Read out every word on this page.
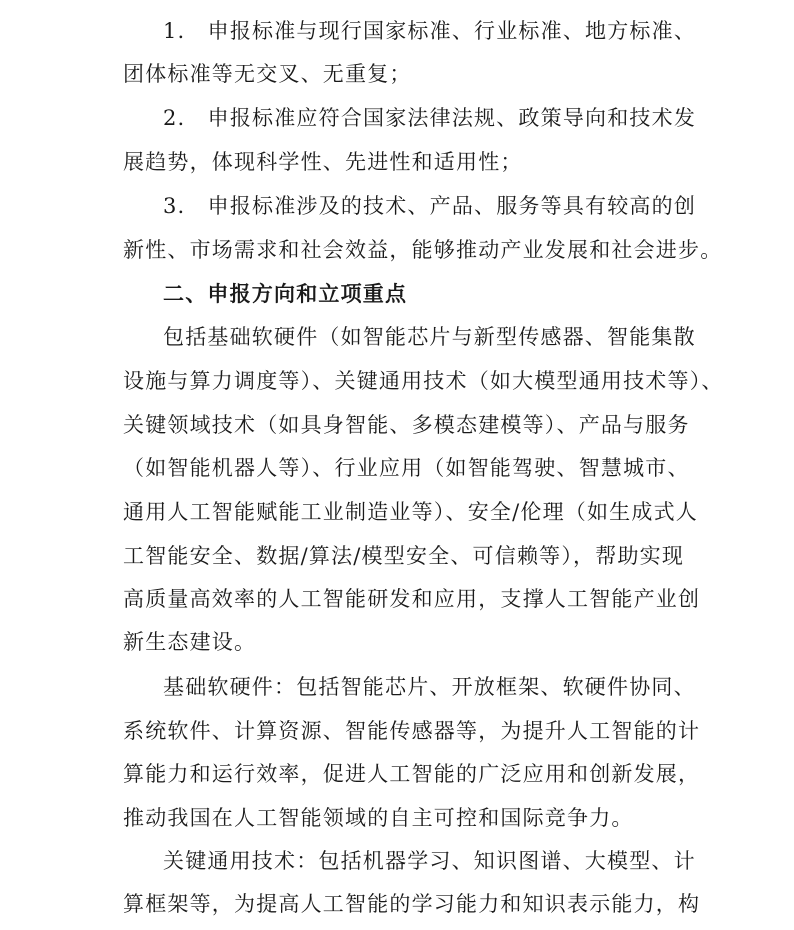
1.　申报标准与现行国家标准、行业标准、地方标准、

团体标准等无交叉、无重复；

2.　申报标准应符合国家法律法规、政策导向和技术发

展趋势，体现科学性、先进性和适用性；

3.　申报标准涉及的技术、产品、服务等具有较高的创

新性、市场需求和社会效益，能够推动产业发展和社会进步。

二、申报方向和立项重点

包括基础软硬件（如智能芯片与新型传感器、智能集散

设施与算力调度等）、关键通用技术（如大模型通用技术等）、

关键领域技术（如具身智能、多模态建模等）、产品与服务

（如智能机器人等）、行业应用（如智能驾驶、智慧城市、

通用人工智能赋能工业制造业等）、安全/伦理（如生成式人

工智能安全、数据/算法/模型安全、可信赖等），帮助实现

高质量高效率的人工智能研发和应用，支撑人工智能产业创

新生态建设。

基础软硬件：包括智能芯片、开放框架、软硬件协同、

系统软件、计算资源、智能传感器等，为提升人工智能的计

算能力和运行效率，促进人工智能的广泛应用和创新发展，

推动我国在人工智能领域的自主可控和国际竞争力。

关键通用技术：包括机器学习、知识图谱、大模型、计

算框架等，为提高人工智能的学习能力和知识表示能力，构
